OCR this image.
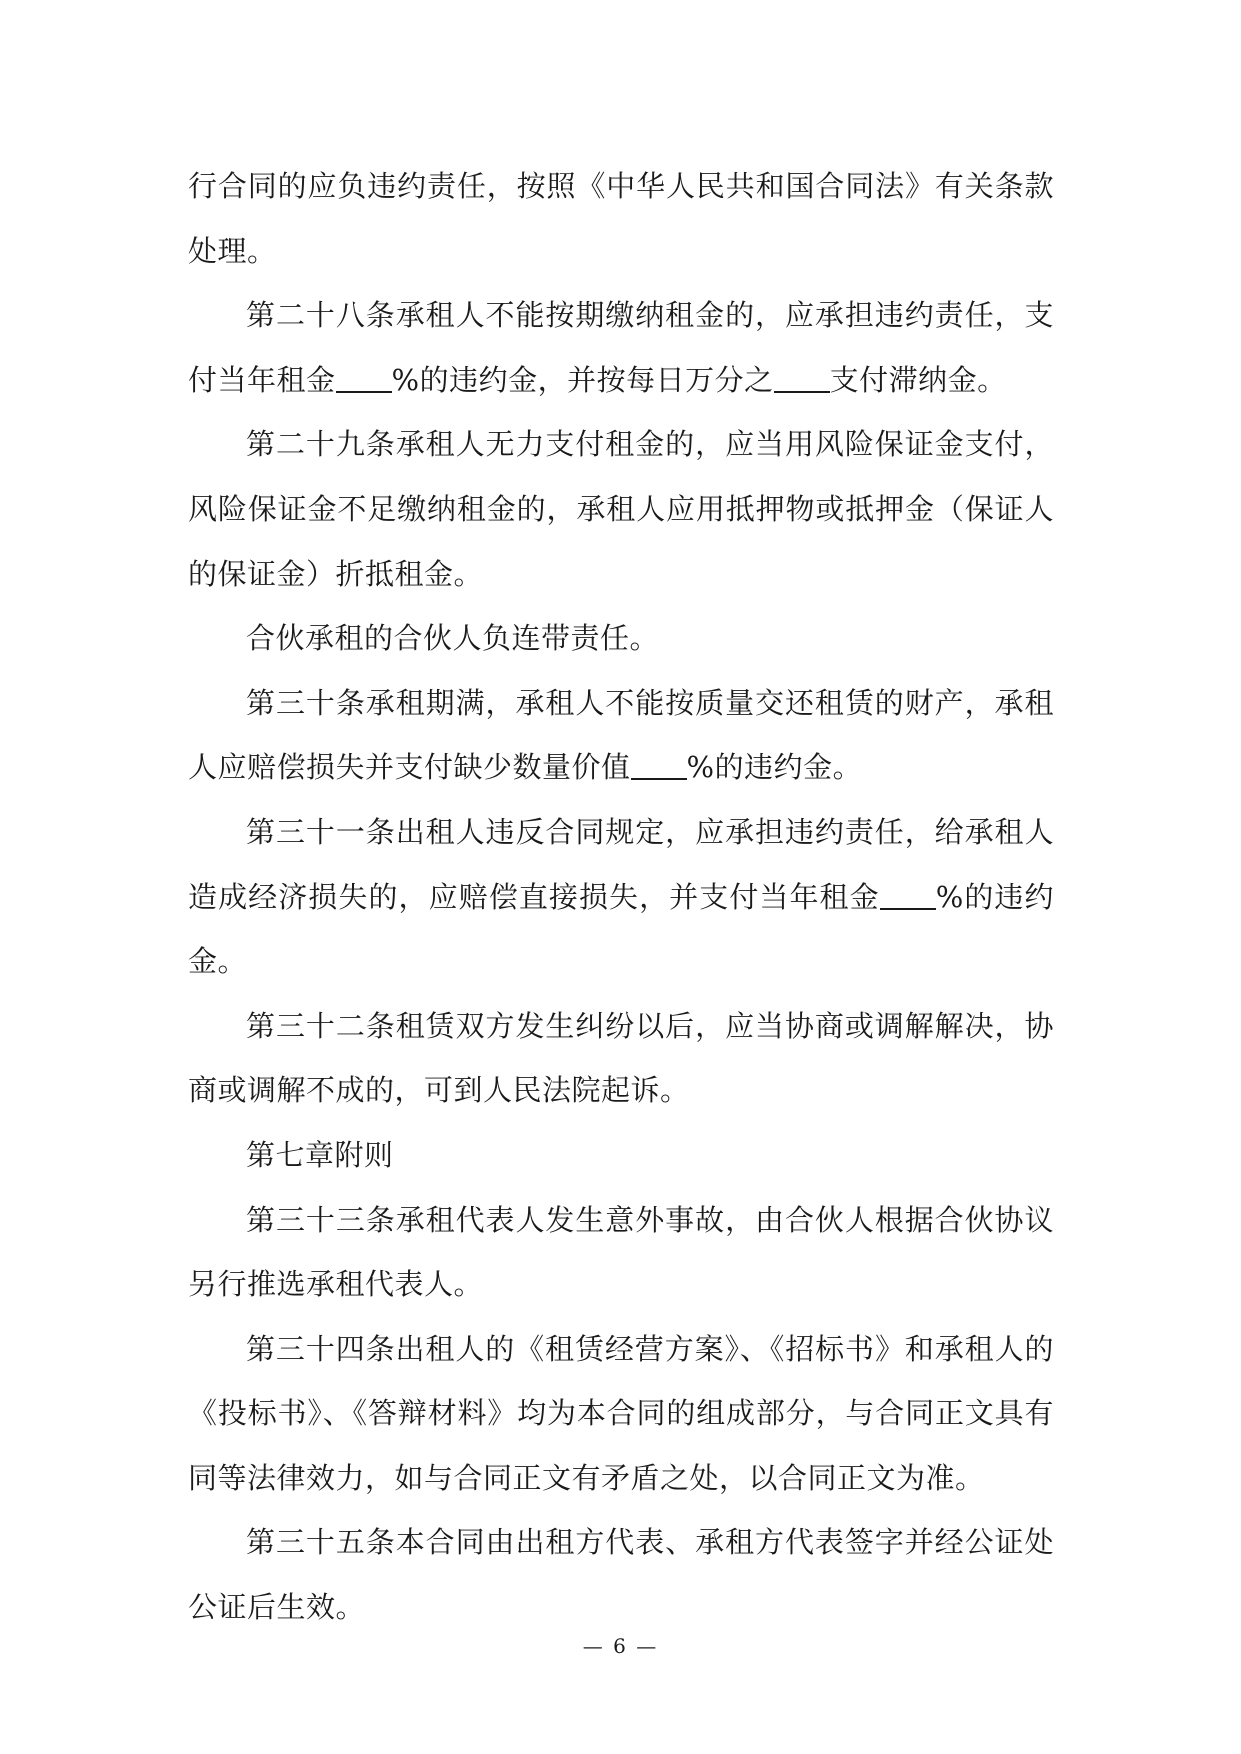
行合同的应负违约责任，按照《中华人民共和国合同法》有关条款处理。

第二十八条承租人不能按期缴纳租金的，应承担违约责任，支付当年租金 %的违约金，并按每日万分之 支付滞纳金。

第二十九条承租人无力支付租金的，应当用风险保证金支付，风险保证金不足缴纳租金的，承租人应用抵押物或抵押金（保证人的保证金）折抵租金。

合伙承租的合伙人负连带责任。

第三十条承租期满，承租人不能按质量交还租赁的财产，承租人应赔偿损失并支付缺少数量价值 %的违约金。

第三十一条出租人违反合同规定，应承担违约责任，给承租人造成经济损失的，应赔偿直接损失，并支付当年租金 %的违约金。

第三十二条租赁双方发生纠纷以后，应当协商或调解解决，协商或调解不成的，可到人民法院起诉。

第七章附则

第三十三条承租代表人发生意外事故，由合伙人根据合伙协议另行推选承租代表人。

第三十四条出租人的《租赁经营方案》、《招标书》和承租人的《投标书》、《答辩材料》均为本合同的组成部分，与合同正文具有同等法律效力，如与合同正文有矛盾之处，以合同正文为准。

第三十五条本合同由出租方代表、承租方代表签字并经公证处公证后生效。

— 6 —
